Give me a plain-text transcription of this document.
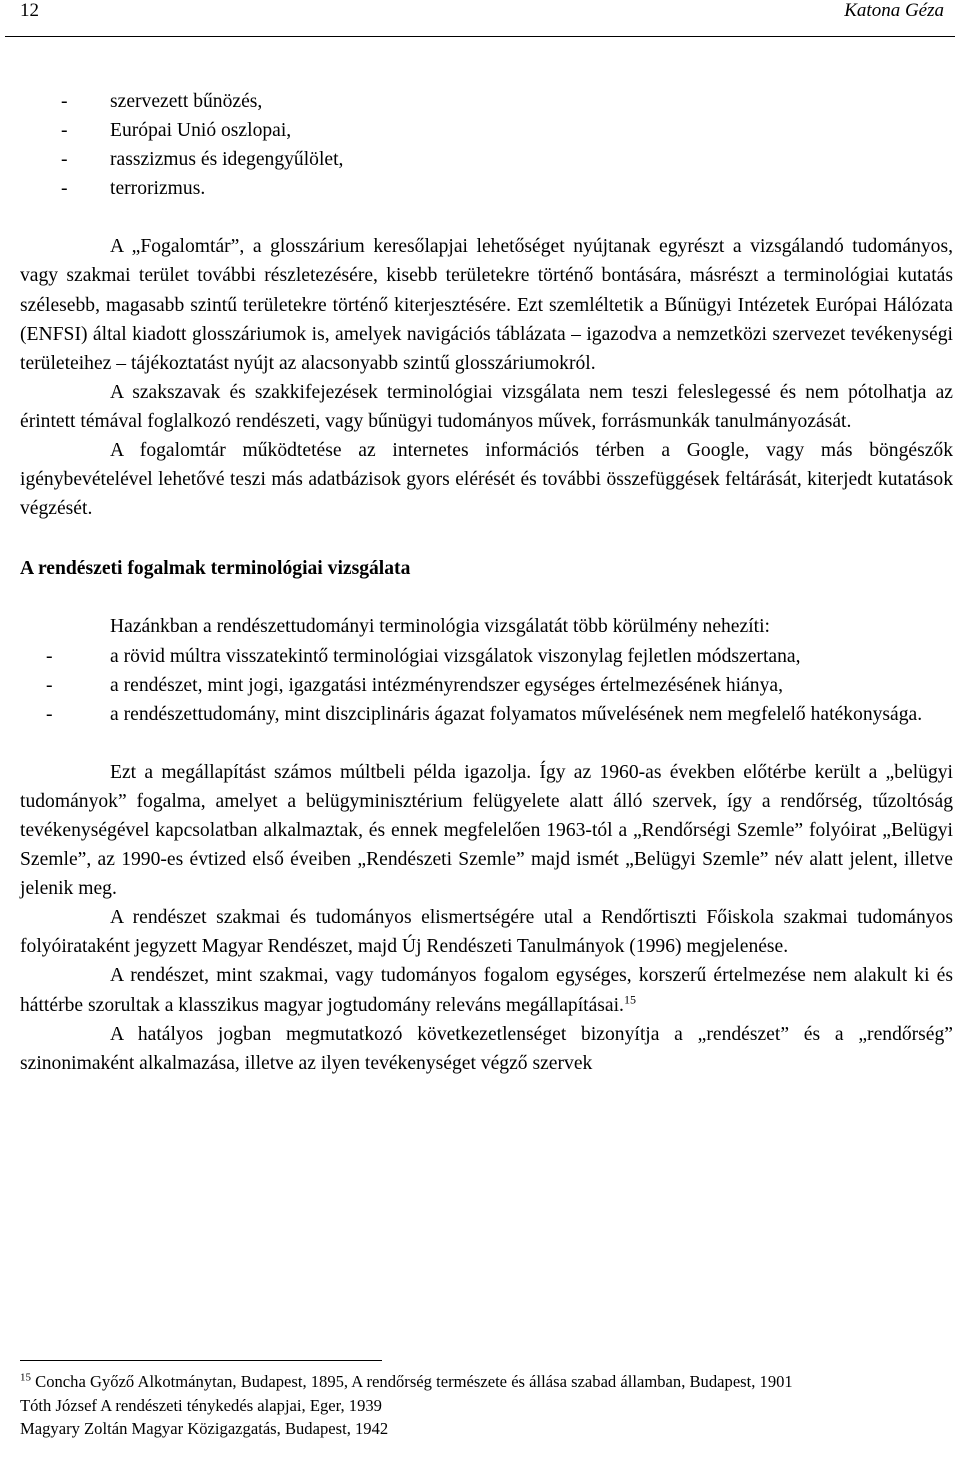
12	Katona Géza
- szervezett bűnözés,
- Európai Unió oszlopai,
- rasszizmus és idegengyűlölet,
- terrorizmus.

A „Fogalomtár”, a glosszárium keresőlapjai lehetőséget nyújtanak egyrészt a vizsgálandó tudományos, vagy szakmai terület további részletezésére, kisebb területekre történő bontására, másrészt a terminológiai kutatás szélesebb, magasabb szintű területekre történő kiterjesztésére. Ezt szemléltetik a Bűnügyi Intézetek Európai Hálózata (ENFSI) által kiadott glosszáriumok is, amelyek navigációs táblázata – igazodva a nemzetközi szervezet tevékenységi területeihez – tájékoztatást nyújt az alacsonyabb szintű glosszáriumokról.

A szakszavak és szakkifejezések terminológiai vizsgálata nem teszi feleslegessé és nem pótolhatja az érintett témával foglalkozó rendészeti, vagy bűnügyi tudományos művek, forrásmunkák tanulmányozását.

A fogalomtár működtetése az internetes információs térben a Google, vagy más böngészők igénybevételével lehetővé teszi más adatbázisok gyors elérését és további összefüggések feltárását, kiterjedt kutatások végzését.

A rendészeti fogalmak terminológiai vizsgálata

Hazánkban a rendészettudományi terminológia vizsgálatát több körülmény nehezíti:

-	a rövid múltra visszatekintő terminológiai vizsgálatok viszonylag fejletlen módszertana,
-	a rendészet, mint jogi, igazgatási intézményrendszer egységes értelmezésének hiánya,
-	a rendészettudomány, mint diszciplináris ágazat folyamatos művelésének nem megfelelő hatékonysága.

Ezt a megállapítást számos múltbeli példa igazolja. Így az 1960-as években előtérbe került a „belügyi tudományok” fogalma, amelyet a belügyminisztérium felügyelete alatt álló szervek, így a rendőrség, tűzoltóság tevékenységével kapcsolatban alkalmaztak, és ennek megfelelően 1963-tól a „Rendőrségi Szemle” folyóirat „Belügyi Szemle”, az 1990-es évtized első éveiben „Rendészeti Szemle” majd ismét „Belügyi Szemle” név alatt jelent, illetve jelenik meg.

A rendészet szakmai és tudományos elismertségére utal a Rendőrtiszti Főiskola szakmai tudományos folyóirataként jegyzett Magyar Rendészet, majd Új Rendészeti Tanulmányok (1996) megjelenése.

A rendészet, mint szakmai, vagy tudományos fogalom egységes, korszerű értelmezése nem alakult ki és háttérbe szorultak a klasszikus magyar jogtudomány releváns megállapításai.$^{15}$

A hatályos jogban megmutatkozó következetlenséget bizonyítja a „rendészet” és a „rendőrség” szinonimaként alkalmazása, illetve az ilyen tevékenységet végző szervek

$^{15}$ Concha Győző Alkotmánytan, Budapest, 1895, A rendőrség természete és állása szabad államban, Budapest, 1901
Tóth József A rendészeti ténykedés alapjai, Eger, 1939
Magyary Zoltán Magyar Közigazgatás, Budapest, 1942
